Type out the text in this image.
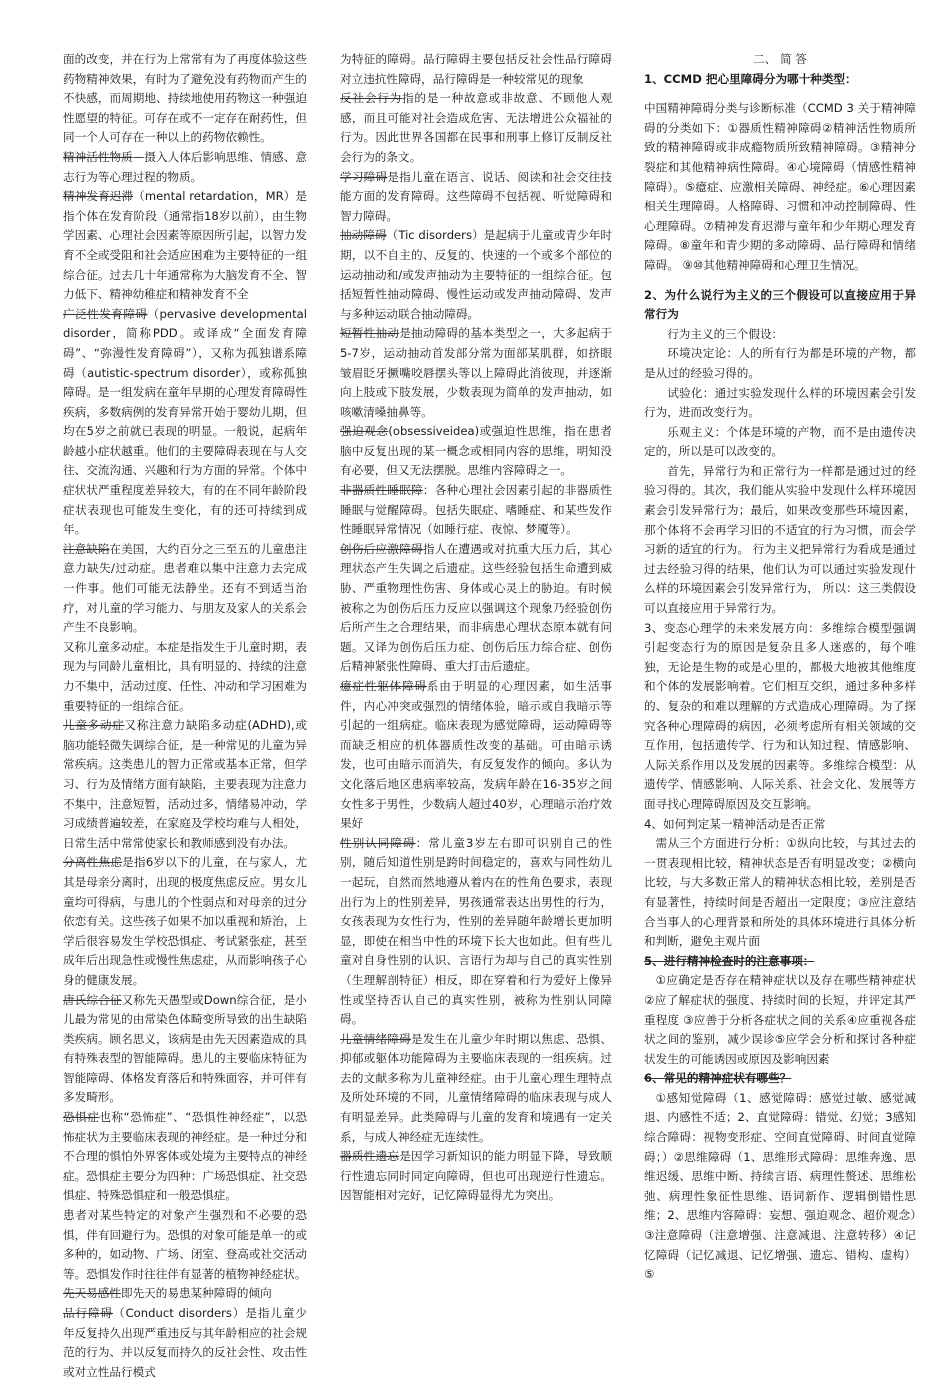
面的改变，并在行为上常常有为了再度体验这些药物精神效果，有时为了避免没有药物而产生的不快感，而周期地、持续地使用药物这一种强迫性愿望的特征。可存在或不一定存在耐药性，但同一个人可存在一种以上的药物依赖性。

精神活性物质—摄入人体后影响思维、情感、意志行为等心理过程的物质。

精神发育迟滞（mental retardation，MR）是指个体在发育阶段（通常指18岁以前），由生物学因素、心理社会因素等原因所引起，以智力发育不全或受阻和社会适应困难为主要特征的一组综合征。过去几十年通常称为大脑发育不全、智力低下、精神幼稚症和精神发育不全

广泛性发育障碍（pervasive developmental disorder，简称PDD。或译成“全面发育障碍”、“弥漫性发育障碍”），又称为孤独谱系障碍（autistic-spectrum disorder），或称孤独障碍。是一组发病在童年早期的心理发育障碍性疾病，多数病例的发育异常开始于婴幼儿期，但均在5岁之前就已表现的明显。一般说，起病年龄越小症状越重。他们的主要障碍表现在与人交往、交流沟通、兴趣和行为方面的异常。个体中症状状严重程度差异较大，有的在不同年龄阶段症状表现也可能发生变化，有的还可持续到成年。

注意缺陷在美国，大约百分之三至五的儿童患注意力缺失/过动症。患者难以集中注意力去完成一件事。他们可能无法静坐。还有不到适当治疗，对儿童的学习能力、与朋友及家人的关系会产生不良影响。

又称儿童多动症。本症是指发生于儿童时期，表现为与同龄儿童相比，具有明显的、持续的注意力不集中，活动过度、任性、冲动和学习困难为重要特征的一组综合征。

儿童多动症又称注意力缺陷多动症(ADHD),或脑功能轻微失调综合征，是一种常见的儿童为异常疾病。这类患儿的智力正常或基本正常，但学习、行为及情绪方面有缺陷，主要表现为注意力不集中，注意短暂，活动过多，情绪易冲动，学习成绩普遍较差，在家庭及学校均难与人相处，日常生活中常常使家长和教师感到没有办法。

分离性焦虑是指6岁以下的儿童，在与家人，尤其是母亲分离时，出现的极度焦虑反应。男女儿童均可得病，与患儿的个性弱点和对母亲的过分依恋有关。这些孩子如果不加以重视和矫治，上学后很容易发生学校恐惧症、考试紧张症，甚至成年后出现急性或慢性焦虑症，从而影响孩子心身的健康发展。

唐氏综合征又称先天愚型或Down综合征，是小儿最为常见的由常染色体畸变所导致的出生缺陷类疾病。顾名思义，该病是由先天因素造成的具有特殊表型的智能障碍。患儿的主要临床特征为智能障碍、体格发育落后和特殊面容，并可伴有多发畸形。

恐惧症也称“恐怖症”、“恐惧性神经症”，以恐怖症状为主要临床表现的神经症。是一种过分和不合理的惧怕外界客体或处境为主要特点的神经症。恐惧症主要分为四种：广场恐惧症、社交恐惧症、特殊恐惧症和一般恐惧症。

患者对某些特定的对象产生强烈和不必要的恐惧，伴有回避行为。恐惧的对象可能是单一的或多种的，如动物、广场、闭室、登高或社交活动等。恐惧发作时往往伴有显著的植物神经症状。

先天易感性即先天的易患某种障碍的倾向

品行障碍（Conduct disorders）是指儿童少年反复持久出现严重违反与其年龄相应的社会规范的行为、并以反复而持久的反社会性、攻击性或对立性品行模式

为特征的障碍。品行障碍主要包括反社会性品行障碍对立违抗性障碍，品行障碍是一种较常见的现象

反社会行为指的是一种故意或非故意、不顾他人观感，而且可能对社会造成危害、无法增进公众福祉的行为。因此世界各国都在民事和刑事上修订反制反社会行为的条文。

学习障碍是指儿童在语言、说话、阅读和社会交往技能方面的发育障碍。这些障碍不包括视、听觉障碍和智力障碍。

抽动障碍（Tic disorders）是起病于儿童或青少年时期，以不自主的、反复的、快速的一个或多个部位的运动抽动和/或发声抽动为主要特征的一组综合征。包括短暂性抽动障碍、慢性运动或发声抽动障碍、发声与多种运动联合抽动障碍。

短暂性抽动是抽动障碍的基本类型之一，大多起病于5-7岁，运动抽动首发部分常为面部某肌群，如挤眼皱眉眨牙撅嘴咬唇摆头等以上障碍此消彼现，并逐渐向上肢或下肢发展，少数表现为简单的发声抽动，如咳嗽清嗓抽鼻等。

强迫观念(obsessiveidea)或强迫性思维，指在患者脑中反复出现的某一概念或相同内容的思维，明知没有必要，但又无法摆脱。思维内容障碍之一。

非器质性睡眠障：各种心理社会因素引起的非器质性睡眠与觉醒障碍。包括失眠症、嗜睡症、和某些发作性睡眠异常情况（如睡行症、夜惊、梦魇等）。

创伤后应激障碍指人在遭遇或对抗重大压力后，其心理状态产生失调之后遗症。这些经验包括生命遭到威胁、严重物理性伤害、身体或心灵上的胁迫。有时候被称之为创伤后压力反应以强调这个现象乃经验创伤后所产生之合理结果，而非病患心理状态原本就有问题。又译为创伤后压力症、创伤后压力综合症、创伤后精神紧张性障碍、重大打击后遗症。

癔症性躯体障碍系由于明显的心理因素，如生活事件，内心冲突或强烈的情绪体验，暗示或自我暗示等引起的一组病症。临床表现为感觉障碍，运动障碍等而缺乏相应的机体器质性改变的基础。可由暗示诱发，也可由暗示而消失，有反复发作的倾向。多认为文化落后地区患病率较高，发病年龄在16-35岁之间女性多于男性，少数病人超过40岁，心理暗示治疗效果好

性别认同障碍：常儿童3岁左右即可识别自己的性别，随后知道性别是跨时间稳定的，喜欢与同性幼儿一起玩，自然而然地遵从着内在的性角色要求，表现出行为上的性别差异，男孩通常表达出男性的行为，女孩表现为女性行为，性别的差异随年龄增长更加明显，即使在相当中性的环境下长大也如此。但有些儿童对自身性别的认识、言语行为却与自己的真实性别（生理解剖特征）相反，即在穿着和行为爱好上像异性或坚持否认自己的真实性别，被称为性别认同障碍。

儿童情绪障碍是发生在儿童少年时期以焦虑、恐惧、抑郁或躯体功能障碍为主要临床表现的一组疾病。过去的文献多称为儿童神经症。由于儿童心理生理特点及所处环境的不同，儿童情绪障碍的临床表现与成人有明显差异。此类障碍与儿童的发育和境遇有一定关系，与成人神经症无连续性。

器质性遗忘是因学习新知识的能力明显下降，导致顺行性遗忘同时同定向障碍，但也可出现逆行性遗忘。因智能相对完好，记忆障碍显得尤为突出。

二、 简 答

1、CCMD 把心里障碍分为哪十种类型：

中国精神障碍分类与诊断标准（CCMD 3 关于精神障碍的分类如下：①器质性精神障碍②精神活性物质所致的精神障碍或非成瘾物质所致精神障碍。③精神分裂症和其他精神病性障碍。④心境障碍（情感性精神障碍）。⑤癔症、应激相关障碍、神经症。⑥心理因素相关生理障碍。人格障碍、习惯和冲动控制障碍、性心理障碍。⑦精神发育迟滞与童年和少年期心理发育障碍。⑧童年和青少期的多动障碍、品行障碍和情绪障碍。 ⑨⑩其他精神障碍和心理卫生情况。

2、为什么说行为主义的三个假设可以直接应用于异常行为

行为主义的三个假设：

环境决定论：人的所有行为都是环境的产物，都是从过的经验习得的。

试验化：通过实验发现什么样的环境因素会引发行为，进而改变行为。

乐观主义：个体是环境的产物，而不是由遗传决定的，所以是可以改变的。

首先，异常行为和正常行为一样都是通过过的经验习得的。其次，我们能从实验中发现什么样环境因素会引发异常行为；最后，如果改变那些环境因素，那个体将不会再学习旧的不适宜的行为习惯，而会学习新的适宜的行为。 行为主义把异常行为看成是通过过去经验习得的结果，他们认为可以通过实验发现什么样的环境因素会引发异常行为， 所以：这三类假设可以直接应用于异常行为。

3、变态心理学的未来发展方向：多维综合模型强调引起变态行为的原因是复杂且多人迷惑的，每个唯独，无论是生物的或是心里的，都极大地被其他维度和个体的发展影响着。它们相互交织，通过多种多样的、复杂的和难以理解的方式造成心理障碍。为了探究各种心理障碍的病因，必须考虑所有相关领域的交互作用，包括遗传学、行为和认知过程、情感影响、人际关系作用以及发展的因素等。多维综合模型：从遗传学、情感影响、人际关系、社会文化、发展等方面寻找心理障碍原因及交互影响。

4、如何判定某一精神活动是否正常

需从三个方面进行分析：①纵向比较，与其过去的一贯表现相比较，精神状态是否有明显改变；②横向比较，与大多数正常人的精神状态相比较，差别是否有显著性，持续时间是否超出一定限度；③应注意结合当事人的心理背景和所处的具体环境进行具体分析和判断，避免主观片面

5、进行精神检查时的注意事项：

①应确定是否存在精神症状以及存在哪些精神症状 ②应了解症状的强度、持续时间的长短，并评定其严重程度 ③应善于分析各症状之间的关系④应重视各症状之间的鉴别，减少误诊⑤应学会分析和探讨各种症状发生的可能诱因或原因及影响因素

6、常见的精神症状有哪些？

①感知觉障碍（1、感觉障碍：感觉过敏、感觉减退、内感性不适；2、直觉障碍：错觉、幻觉；3感知综合障碍：视物变形症、空间直觉障碍、时间直觉障碍；）②思维障碍（1、思维形式障碍：思维奔逸、思维迟缓、思维中断、持续言语、病理性赘述、思维松弛、病理性象征性思维、语词新作、逻辑倒错性思维；2、思维内容障碍：妄想、强迫观念、超价观念）③注意障碍（注意增强、注意减退、注意转移）④记忆障碍（记忆减退、记忆增强、遗忘、错构、虚构）⑤
